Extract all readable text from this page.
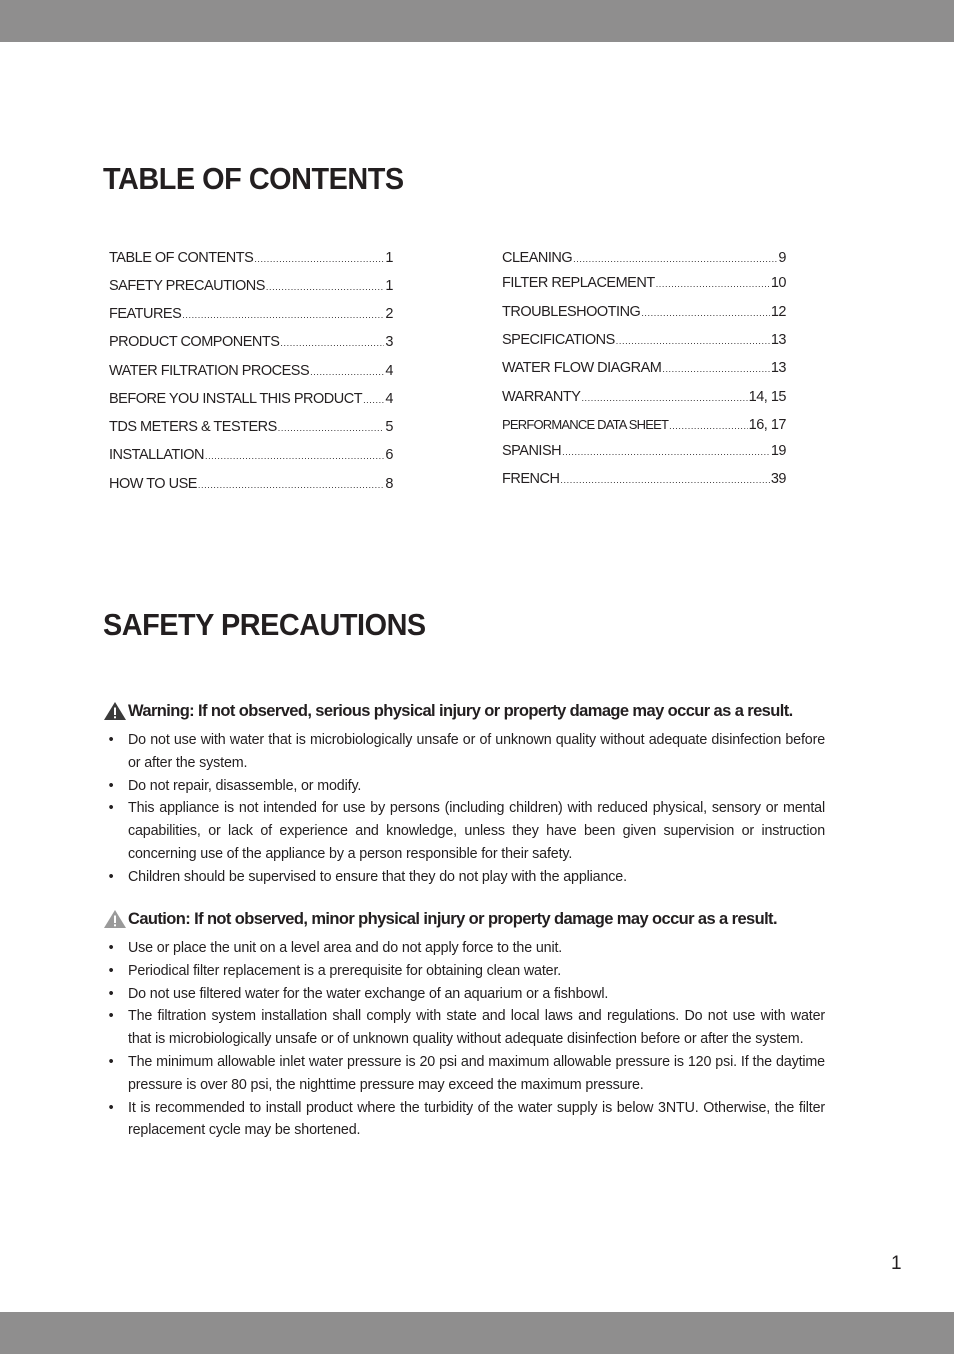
TABLE OF CONTENTS
TABLE OF CONTENTS .....	1
SAFETY PRECAUTIONS .....	1
FEATURES .....	2
PRODUCT COMPONENTS .....	3
WATER FILTRATION PROCESS .....	4
BEFORE YOU INSTALL THIS PRODUCT ..... 4
TDS METERS & TESTERS .....	5
INSTALLATION .....	6
HOW TO USE .....	8
CLEANING .....	9
FILTER REPLACEMENT .....	10
TROUBLESHOOTING .....	12
SPECIFICATIONS .....	13
WATER FLOW DIAGRAM .....	13
WARRANTY .....	14, 15
PERFORMANCE DATA SHEET .....	16, 17
SPANISH .....	19
FRENCH .....	39
SAFETY PRECAUTIONS
Warning: If not observed, serious physical injury or property damage may occur as a result.
• Do not use with water that is microbiologically unsafe or of unknown quality without adequate disinfection before or after the system.
• Do not repair, disassemble, or modify.
• This appliance is not intended for use by persons (including children) with reduced physical, sensory or mental capabilities, or lack of experience and knowledge, unless they have been given supervision or instruction concerning use of the appliance by a person responsible for their safety.
• Children should be supervised to ensure that they do not play with the appliance.
Caution: If not observed, minor physical injury or property damage may occur as a result.
• Use or place the unit on a level area and do not apply force to the unit.
• Periodical filter replacement is a prerequisite for obtaining clean water.
• Do not use filtered water for the water exchange of an aquarium or a fishbowl.
• The filtration system installation shall comply with state and local laws and regulations. Do not use with water that is microbiologically unsafe or of unknown quality without adequate disinfection before or after the system.
• The minimum allowable inlet water pressure is 20 psi and maximum allowable pressure is 120 psi. If the daytime pressure is over 80 psi, the nighttime pressure may exceed the maximum pressure.
• It is recommended to install product where the turbidity of the water supply is below 3NTU. Otherwise, the filter replacement cycle may be shortened.
1
